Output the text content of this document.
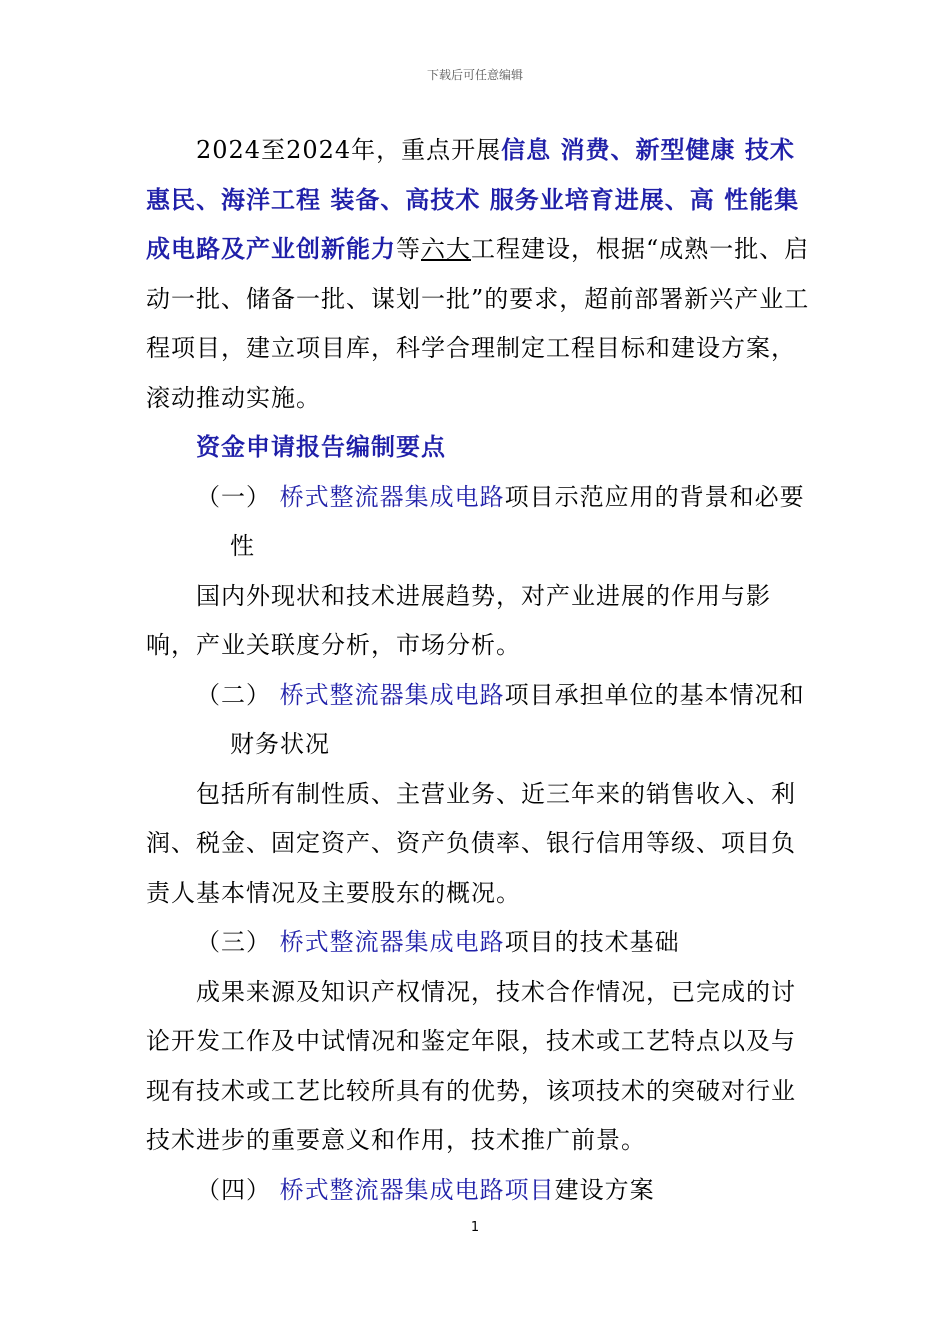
下载后可任意编辑

2024至2024年，重点开展信息 消费、新型健康 技术惠民、海洋工程 装备、高技术 服务业培育进展、高 性能集成电路及产业创新能力等六大工程建设，根据“成熟一批、启动一批、储备一批、谋划一批”的要求，超前部署新兴产业工程项目，建立项目库，科学合理制定工程目标和建设方案，滚动推动实施。

资金申请报告编制要点

（一） 桥式整流器集成电路项目示范应用的背景和必要性

国内外现状和技术进展趋势，对产业进展的作用与影响，产业关联度分析，市场分析。

（二） 桥式整流器集成电路项目承担单位的基本情况和财务状况

包括所有制性质、主营业务、近三年来的销售收入、利润、税金、固定资产、资产负债率、银行信用等级、项目负责人基本情况及主要股东的概况。

（三） 桥式整流器集成电路项目的技术基础

成果来源及知识产权情况，技术合作情况，已完成的讨论开发工作及中试情况和鉴定年限，技术或工艺特点以及与现有技术或工艺比较所具有的优势，该项技术的突破对行业技术进步的重要意义和作用，技术推广前景。

（四） 桥式整流器集成电路项目建设方案

1
